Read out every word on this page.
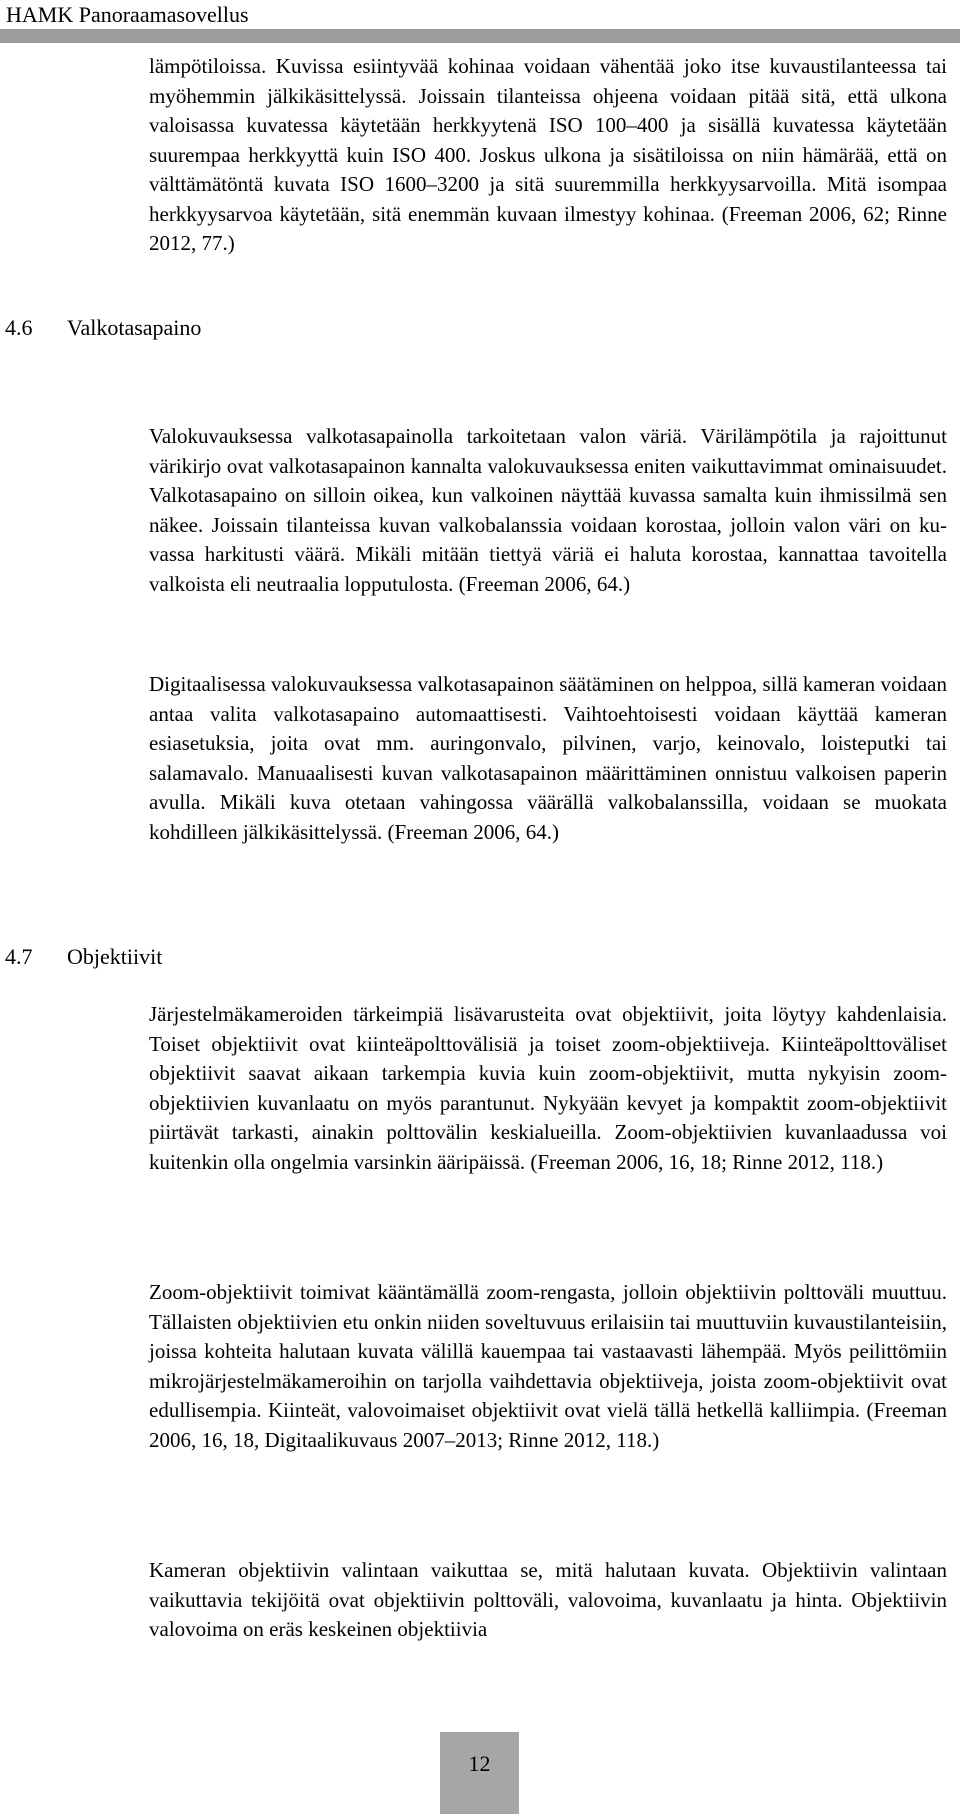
HAMK Panoraamasovellus

lämpötiloissa. Kuvissa esiintyvää kohinaa voidaan vähentää joko itse kuvaustilanteessa tai myöhemmin jälkikäsittelyssä. Joissain tilanteissa ohjeena voidaan pitää sitä, että ulkona valoisassa kuvatessa käytetään herkkyytenä ISO 100–400 ja sisällä kuvatessa käytetään suurempaa herkkyyttä kuin ISO 400. Joskus ulkona ja sisätiloissa on niin hämärää, että on välttämätöntä kuvata ISO 1600–3200 ja sitä suuremmilla herkkyysarvoilla. Mitä isompaa herkkyysarvoa käytetään, sitä enemmän kuvaan ilmestyy kohinaa. (Freeman 2006, 62; Rinne 2012, 77.)

4.6 Valkotasapaino

Valokuvauksessa valkotasapainolla tarkoitetaan valon väriä. Värilämpötila ja rajoittunut värikirjo ovat valkotasapainon kannalta valokuvauksessa eniten vaikuttavimmat ominaisuudet. Valkotasapaino on silloin oikea, kun valkoinen näyttää kuvassa samalta kuin ihmissilmä sen näkee. Joissain tilanteissa kuvan valkobalanssia voidaan korostaa, jolloin valon väri on kuvassa harkitusti väärä. Mikäli mitään tiettyä väriä ei haluta korostaa, kannattaa tavoitella valkoista eli neutraalia lopputulosta. (Freeman 2006, 64.)

Digitaalisessa valokuvauksessa valkotasapainon säätäminen on helppoa, sillä kameran voidaan antaa valita valkotasapaino automaattisesti. Vaihtoehtoisesti voidaan käyttää kameran esiasetuksia, joita ovat mm. auringonvalo, pilvinen, varjo, keinovalo, loisteputki tai salamavalo. Manuaalisesti kuvan valkotasapainon määrittäminen onnistuu valkoisen paperin avulla. Mikäli kuva otetaan vahingossa väärällä valkobalanssilla, voidaan se muokata kohdilleen jälkikäsittelyssä. (Freeman 2006, 64.)

4.7 Objektiivit

Järjestelmäkameroiden tärkeimpiä lisävarusteita ovat objektiivit, joita löytyy kahdenlaisia. Toiset objektiivit ovat kiinteäpolttovälisiä ja toiset zoom-objektiiveja. Kiinteäpolttoväliset objektiivit saavat aikaan tarkempia kuvia kuin zoom-objektiivit, mutta nykyisin zoom-objektiivien kuvanlaatu on myös parantunut. Nykyään kevyet ja kompaktit zoom-objektiivit piirtävät tarkasti, ainakin polttovälin keskialueilla. Zoom-objektiivien kuvanlaadussa voi kuitenkin olla ongelmia varsinkin ääripäissä. (Freeman 2006, 16, 18; Rinne 2012, 118.)

Zoom-objektiivit toimivat kääntämällä zoom-rengasta, jolloin objektiivin polttoväli muuttuu. Tällaisten objektiivien etu onkin niiden soveltuvuus erilaisiin tai muuttuviin kuvaustilanteisiin, joissa kohteita halutaan kuvata välillä kauempaa tai vastaavasti lähempää. Myös peilittömiin mikrojärjestelmäkameroihin on tarjolla vaihdettavia objektiiveja, joista zoom-objektiivit ovat edullisempia. Kiinteät, valovoimaiset objektiivit ovat vielä tällä hetkellä kalliimpia. (Freeman 2006, 16, 18, Digitaalikuvaus 2007–2013; Rinne 2012, 118.)

Kameran objektiivin valintaan vaikuttaa se, mitä halutaan kuvata. Objektiivin valintaan vaikuttavia tekijöitä ovat objektiivin polttoväli, valovoima, kuvanlaatu ja hinta. Objektiivin valovoima on eräs keskeinen objektiivia

12
